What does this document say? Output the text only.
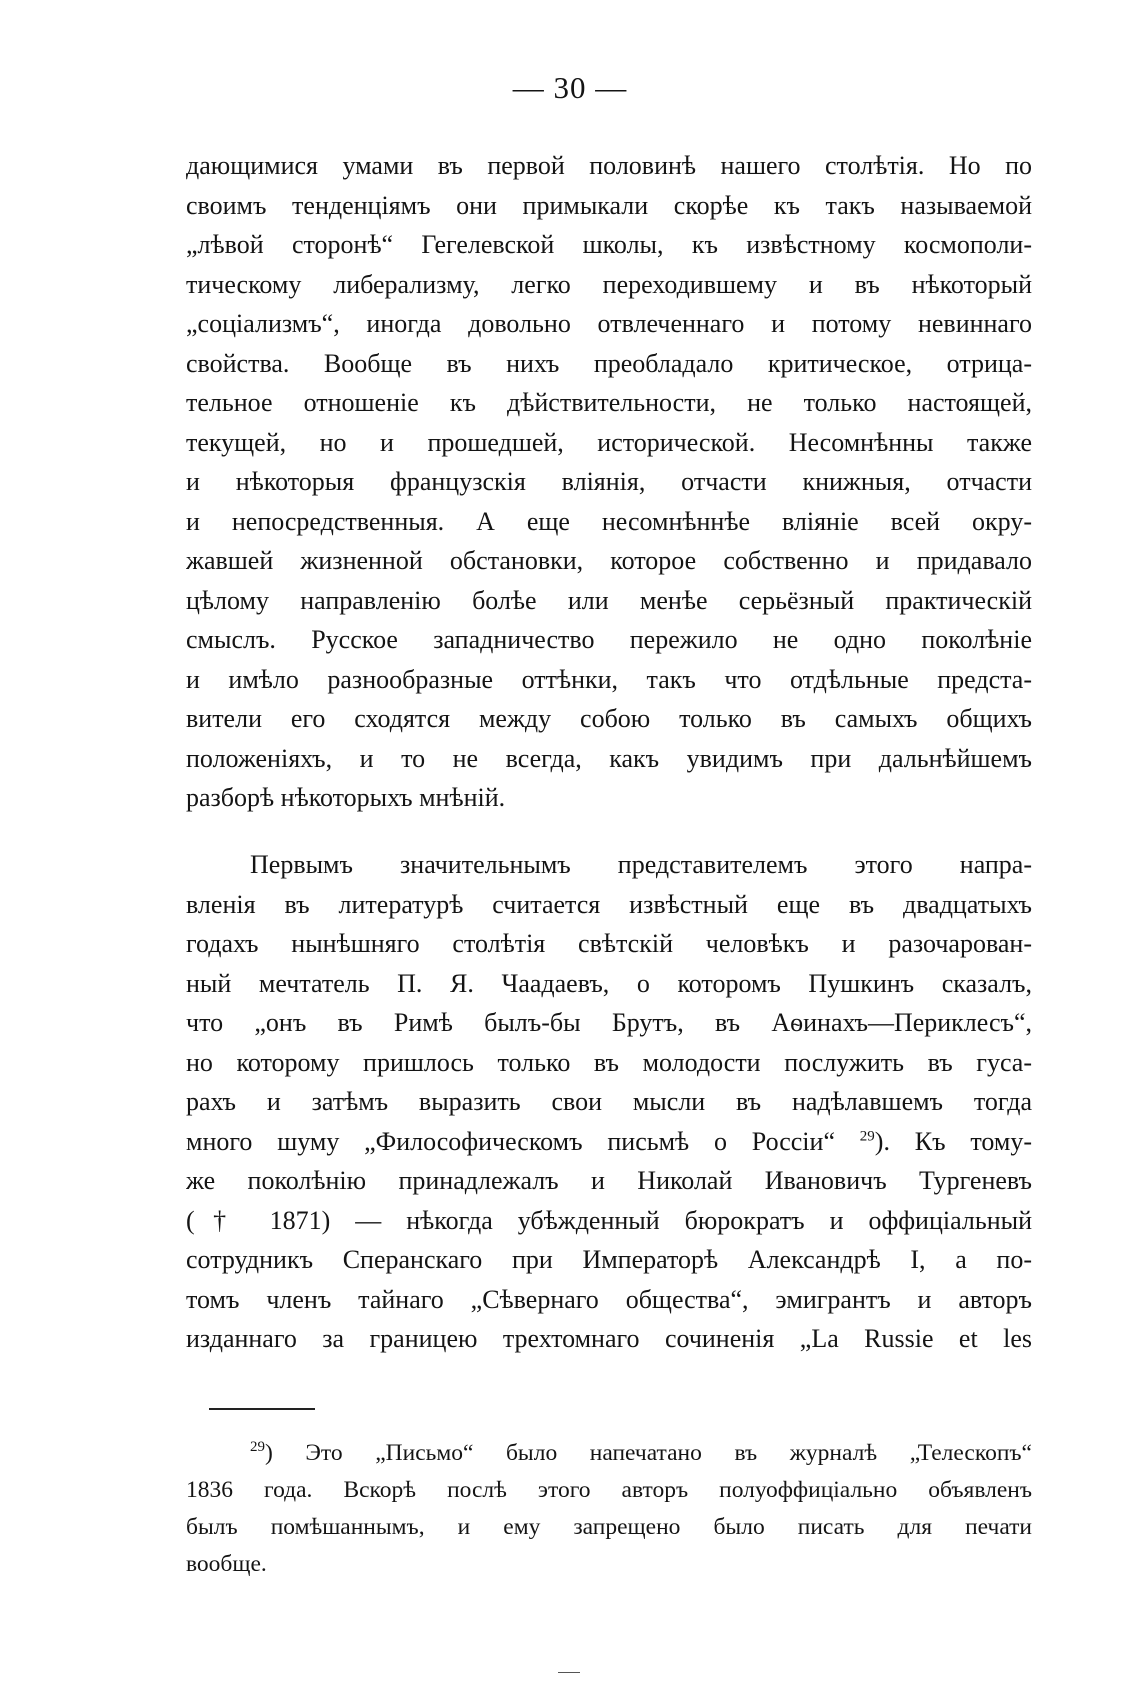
— 30 —
дающимися умами въ первой половинѣ нашего столѣтія. Но по
своимъ тенденціямъ они примыкали скорѣе къ такъ называемой
„лѣвой сторонѣ“ Гегелевской школы, къ извѣстному космополи-
тическому либерализму, легко переходившему и въ нѣкоторый
„соціализмъ“, иногда довольно отвлеченнаго и потому невиннаго
свойства. Вообще въ нихъ преобладало критическое, отрица-
тельное отношеніе къ дѣйствительности, не только настоящей,
текущей, но и прошедшей, исторической. Несомнѣнны также
и нѣкоторыя французскія вліянія, отчасти книжныя, отчасти
и непосредственныя. А еще несомнѣннѣе вліяніе всей окру-
жавшей жизненной обстановки, которое собственно и придавало
цѣлому направленію болѣе или менѣе серьёзный практическій
смыслъ. Русское западничество пережило не одно поколѣніе
и имѣло разнообразные оттѣнки, такъ что отдѣльные предста-
вители его сходятся между собою только въ самыхъ общихъ
положеніяхъ, и то не всегда, какъ увидимъ при дальнѣйшемъ
разборѣ нѣкоторыхъ мнѣній.
Первымъ значительнымъ представителемъ этого напра-
вленія въ литературѣ считается извѣстный еще въ двадцатыхъ
годахъ нынѣшняго столѣтія свѣтскій человѣкъ и разочарован-
ный мечтатель П. Я. Чаадаевъ, о которомъ Пушкинъ сказалъ,
что „онъ въ Римѣ былъ-бы Брутъ, въ Аѳинахъ—Периклесъ“,
но которому пришлось только въ молодости послужить въ гуса-
рахъ и затѣмъ выразить свои мысли въ надѣлавшемъ тогда
много шуму „Философическомъ письмѣ о Россіи“ $^{29}$). Къ тому-
же поколѣнію принадлежалъ и Николай Ивановичъ Тургеневъ
(† 1871) — нѣкогда убѣжденный бюрократъ и оффиціальный
сотрудникъ Сперанскаго при Императорѣ Александрѣ I, а по-
томъ членъ тайнаго „Сѣвернаго общества“, эмигрантъ и авторъ
изданнаго за границею трехтомнаго сочиненія „La Russie et les
$^{29}$) Это „Письмо“ было напечатано въ журналѣ „Телескопъ“
1836 года. Вскорѣ послѣ этого авторъ полуоффиціально объявленъ
былъ помѣшаннымъ, и ему запрещено было писать для печати
вообще.
